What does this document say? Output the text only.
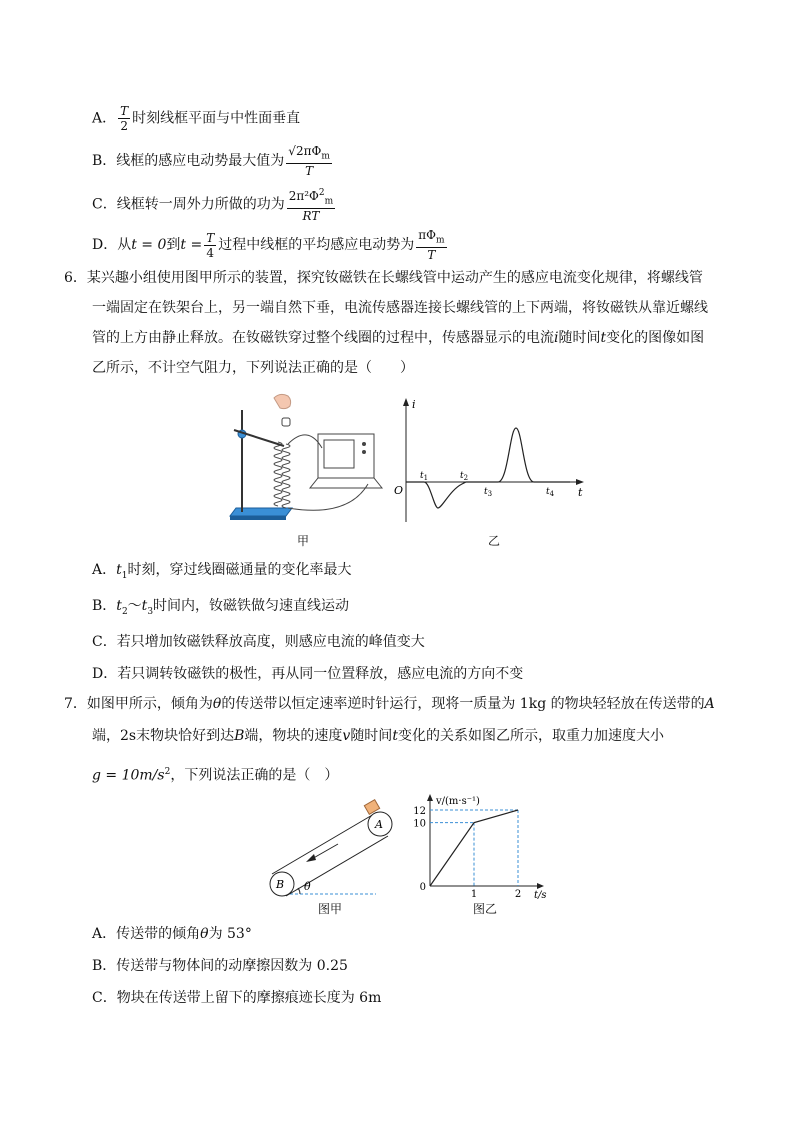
A． $\frac{T}{2}$ 时刻线框平面与中性面垂直
B．线框的感应电动势最大值为 $\frac{√2\pi\Phi_m}{T}$
C．线框转一周外力所做的功为 $\frac{2\pi^2\Phi^2_m}{RT}$
D．从t = 0到$t = \frac{T}{4}$ 过程中线框的平均感应电动势为 $\frac{\pi\Phi_m}{T}$
6．某兴趣小组使用图甲所示的装置，探究钕磁铁在长螺线管中运动产生的感应电流变化规律，将螺线管
一端固定在铁架台上，另一端自然下垂，电流传感器连接长螺线管的上下两端，将钕磁铁从靠近螺线
管的上方由静止释放。在钕磁铁穿过整个线圈的过程中，传感器显示的电流i随时间t变化的图像如图
乙所示，不计空气阻力，下列说法正确的是（　　）
甲
i
t
O
$t_1$	$t_2$
$t_3$	$t_4$
乙
A．$t_1$时刻，穿过线圈磁通量的变化率最大
B．$t_2\sim t_3$时间内，钕磁铁做匀速直线运动
C．若只增加钕磁铁释放高度，则感应电流的峰值变大
D．若只调转钕磁铁的极性，再从同一位置释放，感应电流的方向不变
7．如图甲所示，倾角为θ的传送带以恒定速率逆时针运行，现将一质量为 1kg 的物块轻轻放在传送带的A
端，2s末物块恰好到达B端，物块的速度v随时间t变化的关系如图乙所示，取重力加速度大小
$g = 10m/s^2$，下列说法正确的是（　）
B
A
θ
图甲
v/(m·s⁻¹)
t/s
0
10
12
1	2
图乙
A．传送带的倾角θ为 53°
B．传送带与物体间的动摩擦因数为 0.25
C．物块在传送带上留下的摩擦痕迹长度为 6m
